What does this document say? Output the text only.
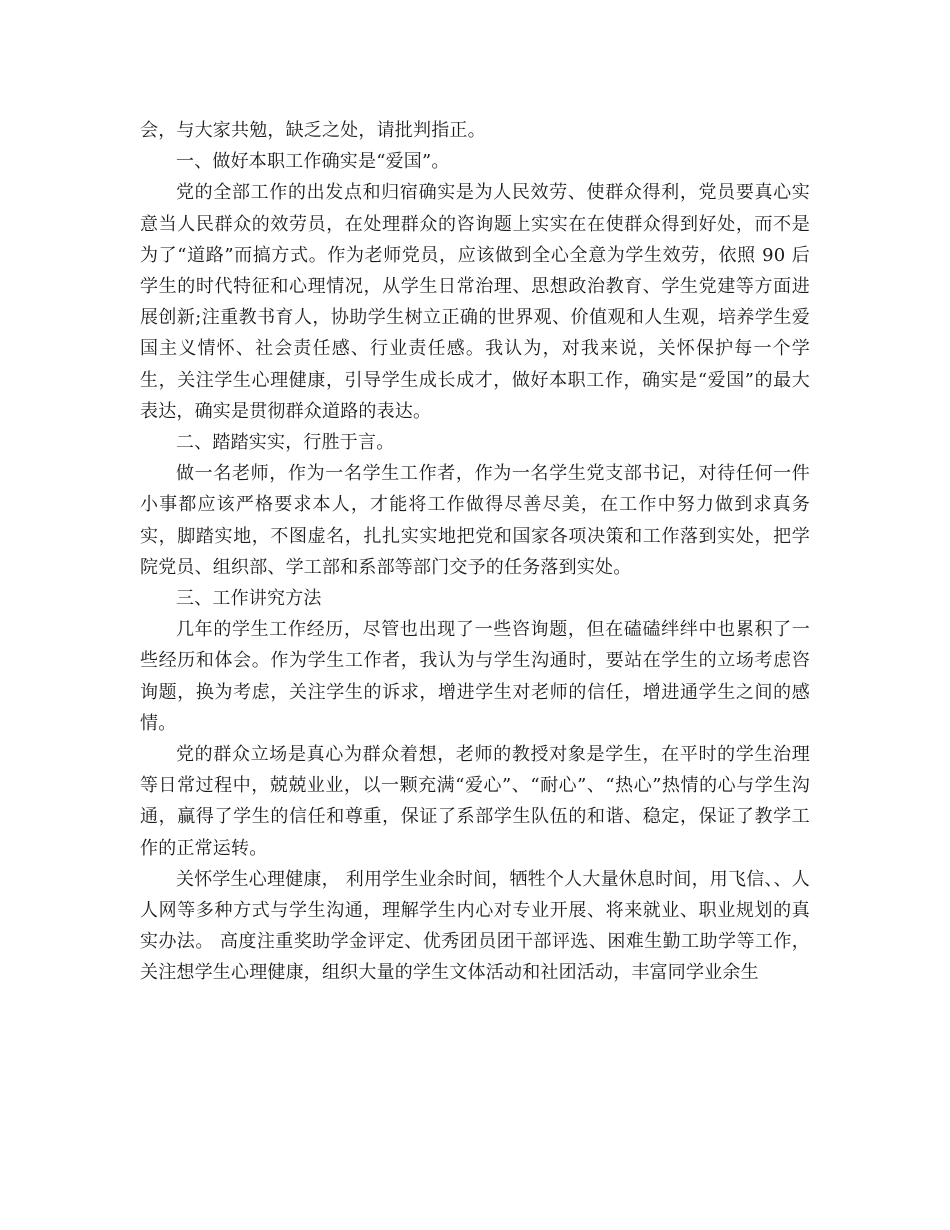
会，与大家共勉，缺乏之处，请批判指正。

一、做好本职工作确实是“爱国”。

党的全部工作的出发点和归宿确实是为人民效劳、使群众得利，党员要真心实意当人民群众的效劳员，在处理群众的咨询题上实实在在使群众得到好处，而不是为了“道路”而搞方式。作为老师党员，应该做到全心全意为学生效劳，依照 90 后学生的时代特征和心理情况，从学生日常治理、思想政治教育、学生党建等方面进展创新;注重教书育人，协助学生树立正确的世界观、价值观和人生观，培养学生爱国主义情怀、社会责任感、行业责任感。我认为，对我来说，关怀保护每一个学生，关注学生心理健康，引导学生成长成才，做好本职工作，确实是“爱国”的最大表达，确实是贯彻群众道路的表达。

二、踏踏实实，行胜于言。

做一名老师，作为一名学生工作者，作为一名学生党支部书记，对待任何一件小事都应该严格要求本人，才能将工作做得尽善尽美，在工作中努力做到求真务实，脚踏实地，不图虚名，扎扎实实地把党和国家各项决策和工作落到实处，把学院党员、组织部、学工部和系部等部门交予的任务落到实处。

三、工作讲究方法

几年的学生工作经历，尽管也出现了一些咨询题，但在磕磕绊绊中也累积了一些经历和体会。作为学生工作者，我认为与学生沟通时，要站在学生的立场考虑咨询题，换为考虑，关注学生的诉求，增进学生对老师的信任，增进通学生之间的感情。

党的群众立场是真心为群众着想，老师的教授对象是学生，在平时的学生治理等日常过程中，兢兢业业，以一颗充满“爱心”、“耐心”、“热心”热情的心与学生沟通，赢得了学生的信任和尊重，保证了系部学生队伍的和谐、稳定，保证了教学工作的正常运转。

关怀学生心理健康， 利用学生业余时间，牺牲个人大量休息时间，用飞信、、人人网等多种方式与学生沟通，理解学生内心对专业开展、将来就业、职业规划的真实办法。 高度注重奖助学金评定、优秀团员团干部评选、困难生勤工助学等工作，关注想学生心理健康，组织大量的学生文体活动和社团活动，丰富同学业余生
